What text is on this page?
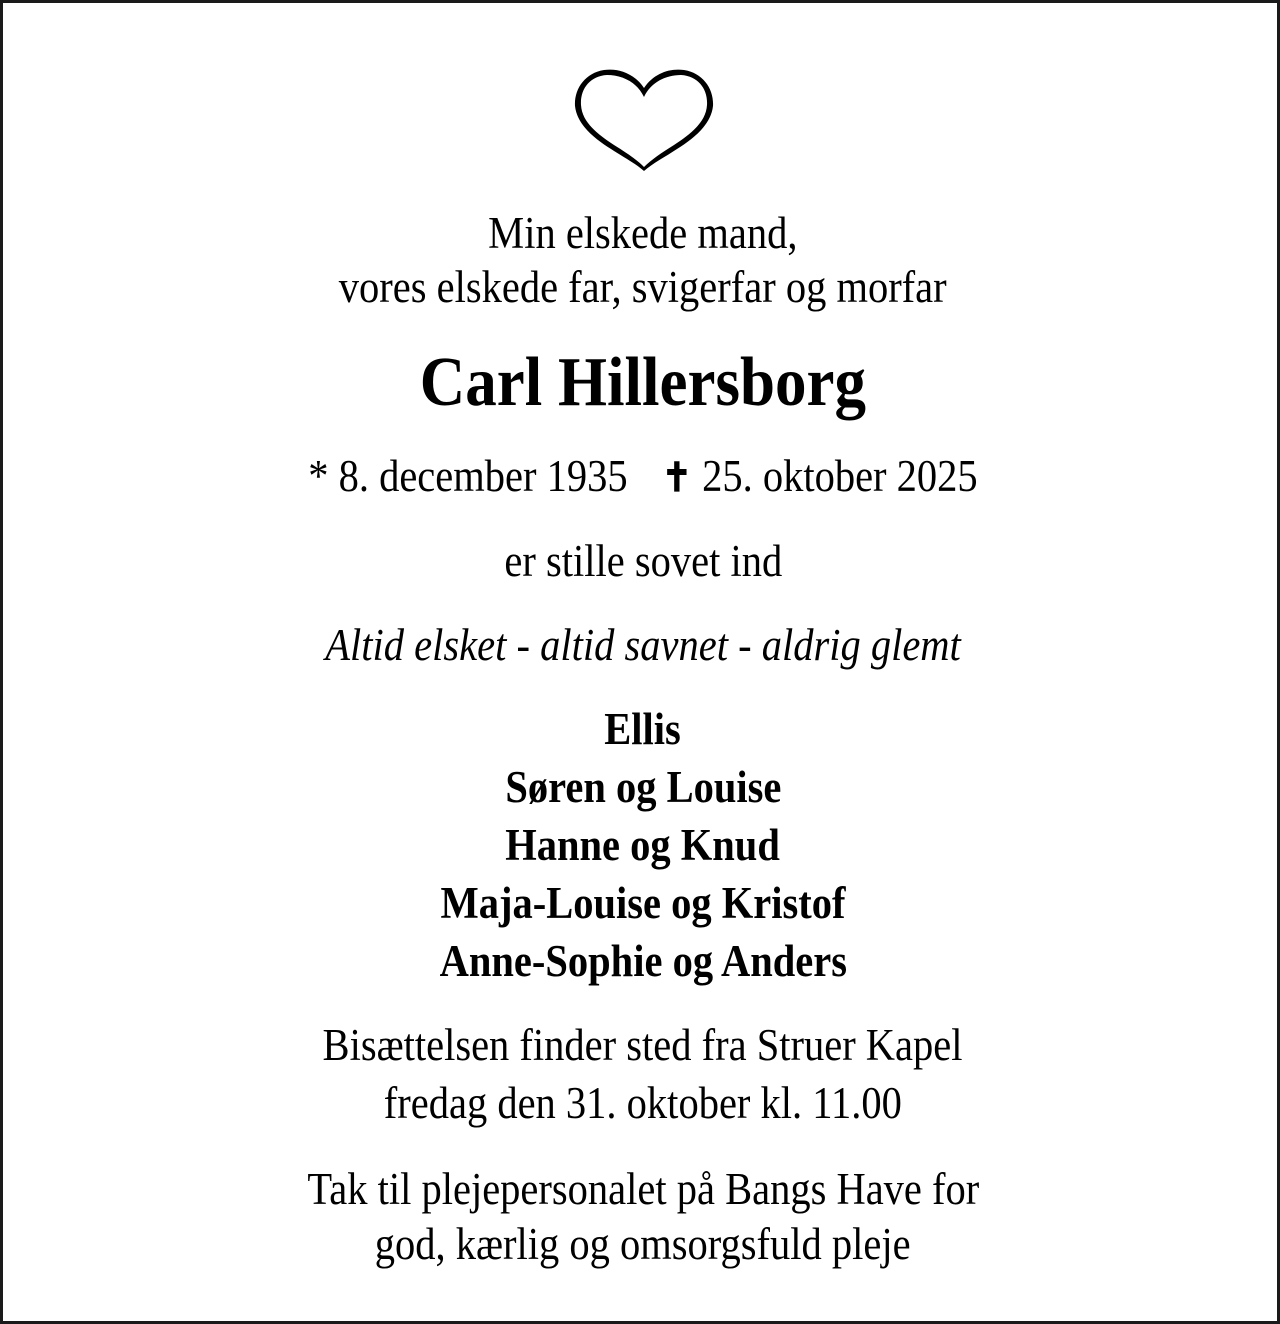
Min elskede mand,
vores elskede far, svigerfar og morfar
Carl Hillersborg
* 8. december 1935 ✝ 25. oktober 2025
er stille sovet ind
Altid elsket - altid savnet - aldrig glemt
Ellis
Søren og Louise
Hanne og Knud
Maja-Louise og Kristof
Anne-Sophie og Anders
Bisættelsen finder sted fra Struer Kapel
fredag den 31. oktober kl. 11.00
Tak til plejepersonalet på Bangs Have for
god, kærlig og omsorgsfuld pleje
